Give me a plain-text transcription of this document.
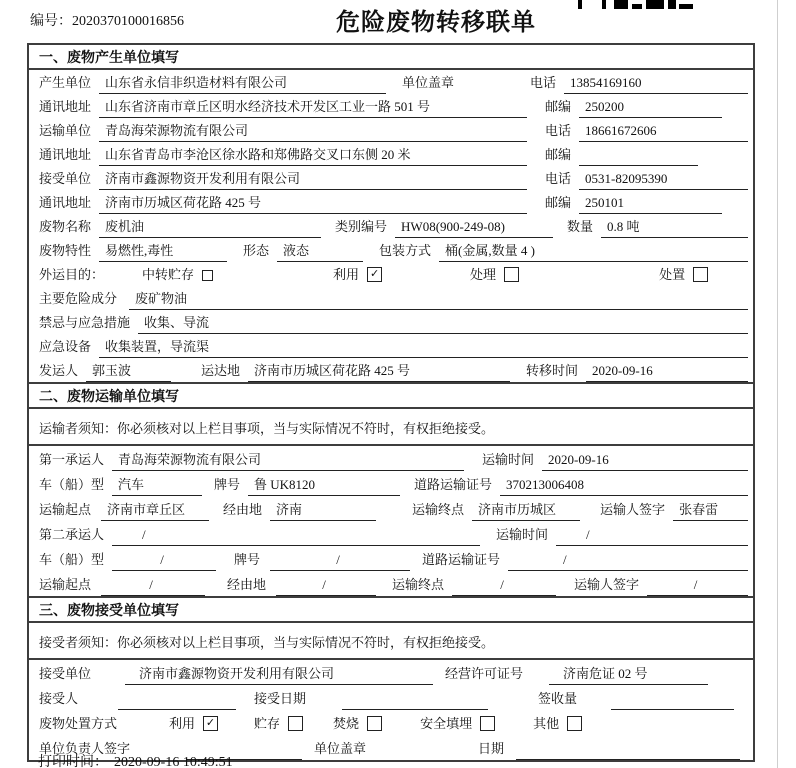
编号：2020370100016856	危险废物转移联单
一、废物产生单位填写
产生单位	山东省永信非织造材料有限公司	单位盖章	电话	13854169160
通讯地址	山东省济南市章丘区明水经济技术开发区工业一路 501 号	邮编	250200
运输单位	青岛海荣源物流有限公司	电话	18661672606
通讯地址	山东省青岛市李沧区徐水路和郑佛路交叉口东侧 20 米	邮编
接受单位	济南市鑫源物资开发利用有限公司	电话	0531-82095390
通讯地址	济南市历城区荷花路 425 号	邮编	250101
废物名称	废机油	类别编号	HW08(900-249-08)	数量	0.8 吨
废物特性	易燃性,毒性	形态	液态	包装方式	桶(金属,数量 4 )
外运目的：	中转贮存	利用 ✓	处理	处置
主要危险成分	废矿物油
禁忌与应急措施	收集、导流
应急设备	收集装置，导流渠
发运人	郭玉波	运达地	济南市历城区荷花路 425 号	转移时间	2020-09-16
二、废物运输单位填写
运输者须知：你必须核对以上栏目事项，当与实际情况不符时，有权拒绝接受。
第一承运人	青岛海荣源物流有限公司	运输时间	2020-09-16
车（船）型	汽车	牌号	鲁 UK8120	道路运输证号	370213006408
运输起点	济南市章丘区	经由地	济南	运输终点	济南市历城区	运输人签字	张春雷
第二承运人	/	运输时间	/
车（船）型	/	牌号	/	道路运输证号	/
运输起点	/	经由地	/	运输终点	/	运输人签字	/
三、废物接受单位填写
接受者须知：你必须核对以上栏目事项，当与实际情况不符时，有权拒绝接受。
接受单位	济南市鑫源物资开发利用有限公司	经营许可证号	济南危证 02 号
接受人	接受日期	签收量
废物处置方式	利用 ✓	贮存	焚烧	安全填埋	其他
单位负责人签字	单位盖章	日期
打印时间： 2020-09-16 10:49:51
